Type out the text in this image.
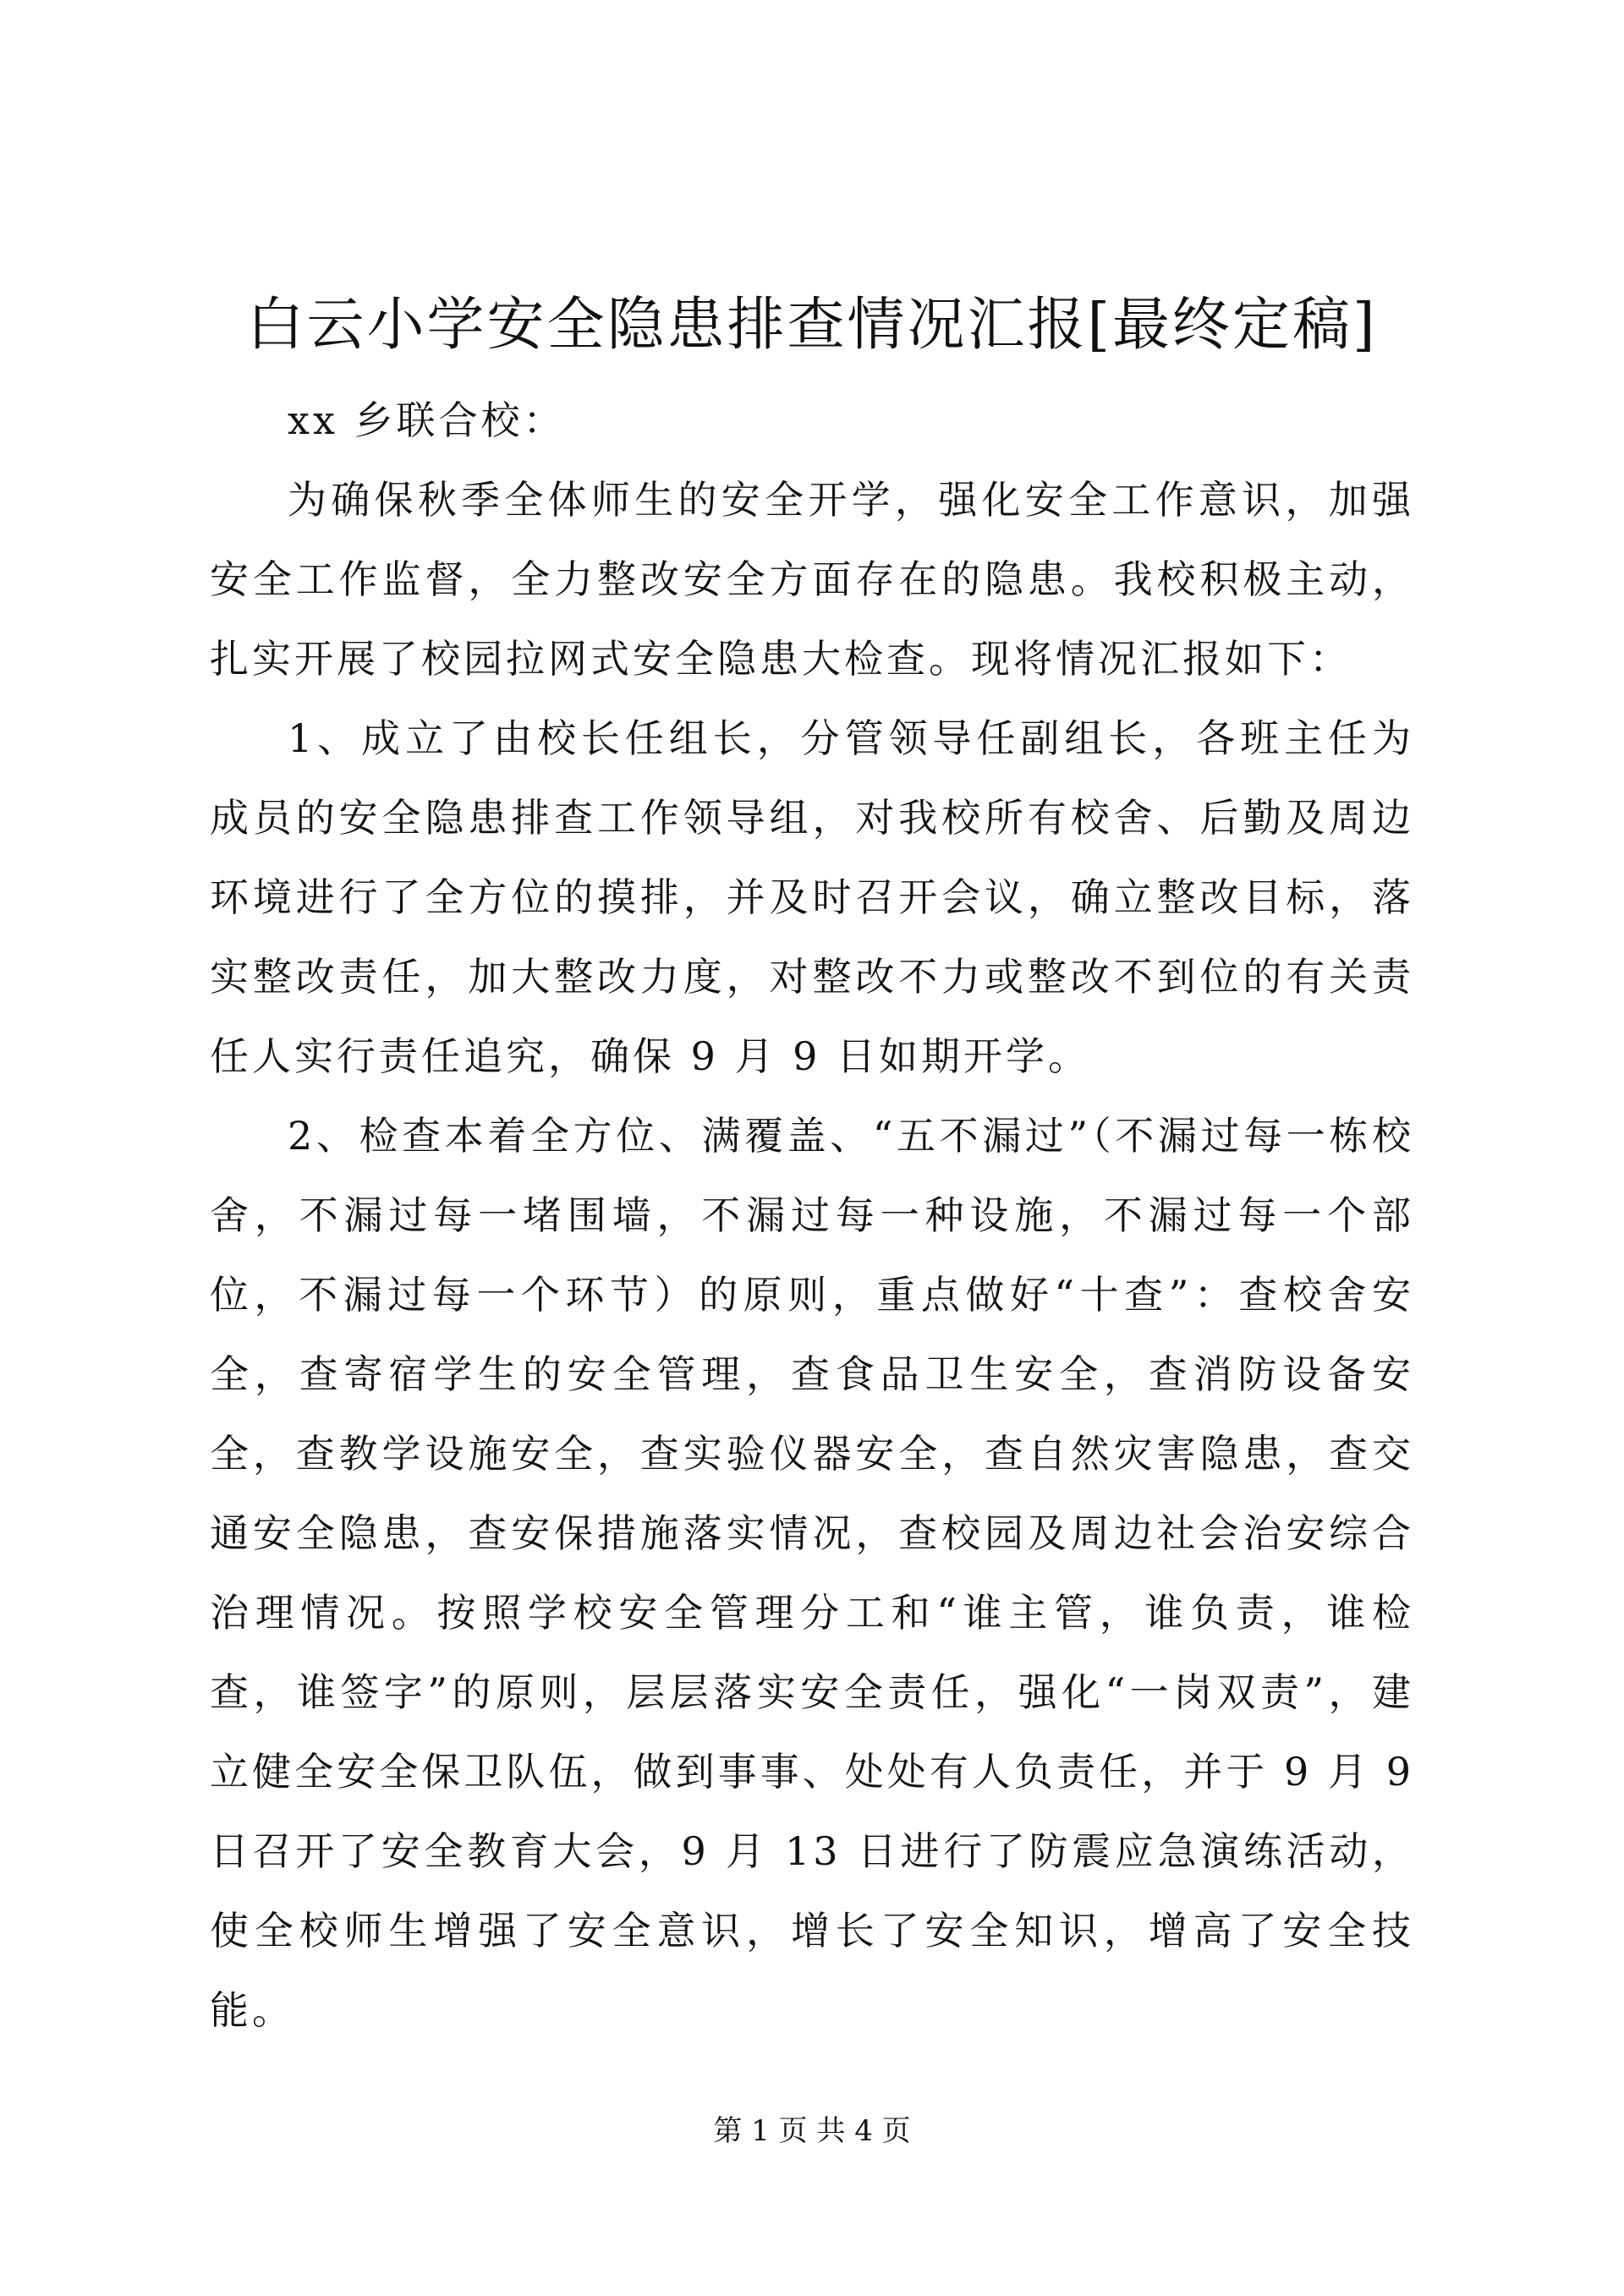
白云小学安全隐患排查情况汇报[最终定稿]

xx 乡联合校：

为确保秋季全体师生的安全开学，强化安全工作意识，加强安全工作监督，全力整改安全方面存在的隐患。我校积极主动，扎实开展了校园拉网式安全隐患大检查。现将情况汇报如下：

1、成立了由校长任组长，分管领导任副组长，各班主任为成员的安全隐患排查工作领导组，对我校所有校舍、后勤及周边环境进行了全方位的摸排，并及时召开会议，确立整改目标，落实整改责任，加大整改力度，对整改不力或整改不到位的有关责任人实行责任追究，确保 9 月 9 日如期开学。

2、检查本着全方位、满覆盖、“五不漏过”（不漏过每一栋校舍，不漏过每一堵围墙，不漏过每一种设施，不漏过每一个部位，不漏过每一个环节）的原则，重点做好“十查”：查校舍安全，查寄宿学生的安全管理，查食品卫生安全，查消防设备安全，查教学设施安全，查实验仪器安全，查自然灾害隐患，查交通安全隐患，查安保措施落实情况，查校园及周边社会治安综合治理情况。按照学校安全管理分工和“谁主管，谁负责，谁检查，谁签字”的原则，层层落实安全责任，强化“一岗双责”，建立健全安全保卫队伍，做到事事、处处有人负责任，并于 9 月 9 日召开了安全教育大会，9 月 13 日进行了防震应急演练活动，使全校师生增强了安全意识，增长了安全知识，增高了安全技能。

第 1 页 共 4 页
